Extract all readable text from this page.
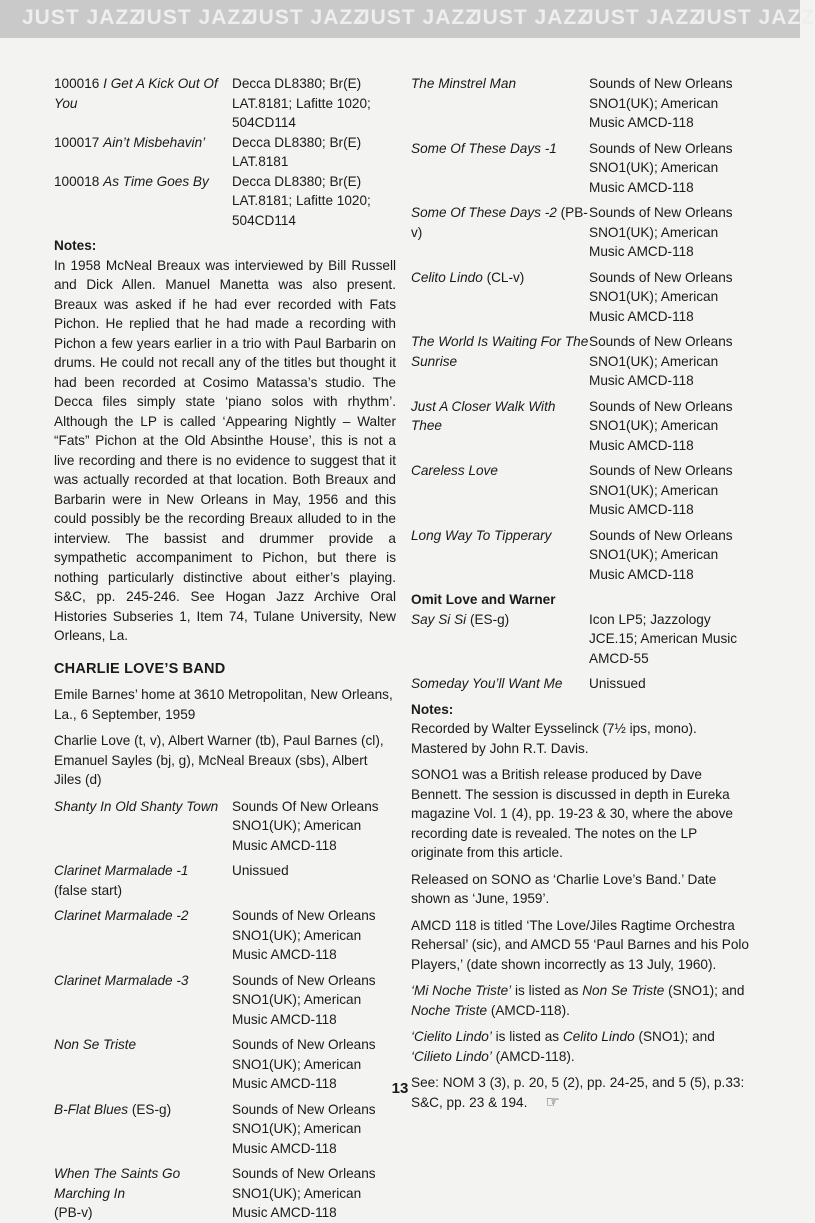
JUST JAZZ
JUST JAZZ
JUST JAZZ
JUST JAZZ
JUST JAZZ
JUST JAZZ
JUST JAZZ
100016 I Get A Kick Out Of You
Decca DL8380; Br(E) LAT.8181; Lafitte 1020; 504CD114
100017 Ain’t Misbehavin’	Decca DL8380; Br(E) LAT.8181
100018 As Time Goes By	Decca DL8380; Br(E) LAT.8181; Lafitte 1020; 504CD114
Notes:

In 1958 McNeal Breaux was interviewed by Bill Russell and Dick Allen. Manuel Manetta was also present. Breaux was asked if he had ever recorded with Fats Pichon. He replied that he had made a recording with Pichon a few years earlier in a trio with Paul Barbarin on drums. He could not recall any of the titles but thought it had been recorded at Cosimo Matassa’s studio. The Decca files simply state ‘piano solos with rhythm’. Although the LP is called ‘Appearing Nightly – Walter “Fats” Pichon at the Old Absinthe House’, this is not a live recording and there is no evidence to suggest that it was actually recorded at that location. Both Breaux and Barbarin were in New Orleans in May, 1956 and this could possibly be the recording Breaux alluded to in the interview. The bassist and drummer provide a sympathetic accompaniment to Pichon, but there is nothing particularly distinctive about either’s playing. S&C, pp. 245-246. See Hogan Jazz Archive Oral Histories Subseries 1, Item 74, Tulane University, New Orleans, La.

CHARLIE LOVE’S BAND

Emile Barnes’ home at 3610 Metropolitan, New Orleans, La., 6 September, 1959

Charlie Love (t, v), Albert Warner (tb), Paul Barnes (cl), Emanuel Sayles (bj, g), McNeal Breaux (sbs), Albert Jiles (d)

Shanty In Old Shanty Town	Sounds Of New Orleans SNO1(UK); American Music AMCD-118
Clarinet Marmalade -1
(false start)
Unissued
Clarinet Marmalade -2	Sounds of New Orleans SNO1(UK); American Music AMCD-118
Clarinet Marmalade -3	Sounds of New Orleans SNO1(UK); American Music AMCD-118
Non Se Triste	Sounds of New Orleans SNO1(UK); American Music AMCD-118
B-Flat Blues (ES-g)	Sounds of New Orleans SNO1(UK); American Music AMCD-118
When The Saints Go Marching In
(PB-v)
Sounds of New Orleans SNO1(UK); American Music AMCD-118
The Minstrel Man	Sounds of New Orleans SNO1(UK); American Music AMCD-118
Some Of These Days -1	Sounds of New Orleans SNO1(UK); American Music AMCD-118
Some Of These Days -2 (PB-v)
Sounds of New Orleans SNO1(UK); American Music AMCD-118
Celito Lindo (CL-v)	Sounds of New Orleans SNO1(UK); American Music AMCD-118
The World Is Waiting For The Sunrise
Sounds of New Orleans SNO1(UK); American Music AMCD-118
Just A Closer Walk With Thee
Sounds of New Orleans SNO1(UK); American Music AMCD-118
Careless Love	Sounds of New Orleans SNO1(UK); American Music AMCD-118
Long Way To Tipperary	Sounds of New Orleans SNO1(UK); American Music AMCD-118
Omit Love and Warner
Say Si Si (ES-g)	Icon LP5; Jazzology JCE.15; American Music AMCD-55
Someday You’ll Want Me	Unissued
Notes:

Recorded by Walter Eysselinck (7½ ips, mono). Mastered by John R.T. Davis.

SONO1 was a British release produced by Dave Bennett. The session is discussed in depth in Eureka magazine Vol. 1 (4), pp. 19-23 & 30, where the above recording date is revealed. The notes on the LP originate from this article.

Released on SONO as ‘Charlie Love’s Band.’ Date shown as ‘June, 1959’.

AMCD 118 is titled ‘The Love/Jiles Ragtime Orchestra Rehersal’ (sic), and AMCD 55 ‘Paul Barnes and his Polo Players,’ (date shown incorrectly as 13 July, 1960).

‘Mi Noche Triste’ is listed as Non Se Triste (SNO1); and Noche Triste (AMCD-118).

‘Cielito Lindo’ is listed as Celito Lindo (SNO1); and ‘Cilieto Lindo’ (AMCD-118).

See: NOM 3 (3), p. 20, 5 (2), pp. 24-25, and 5 (5), p.33: S&C, pp. 23 & 194. ☞

13
